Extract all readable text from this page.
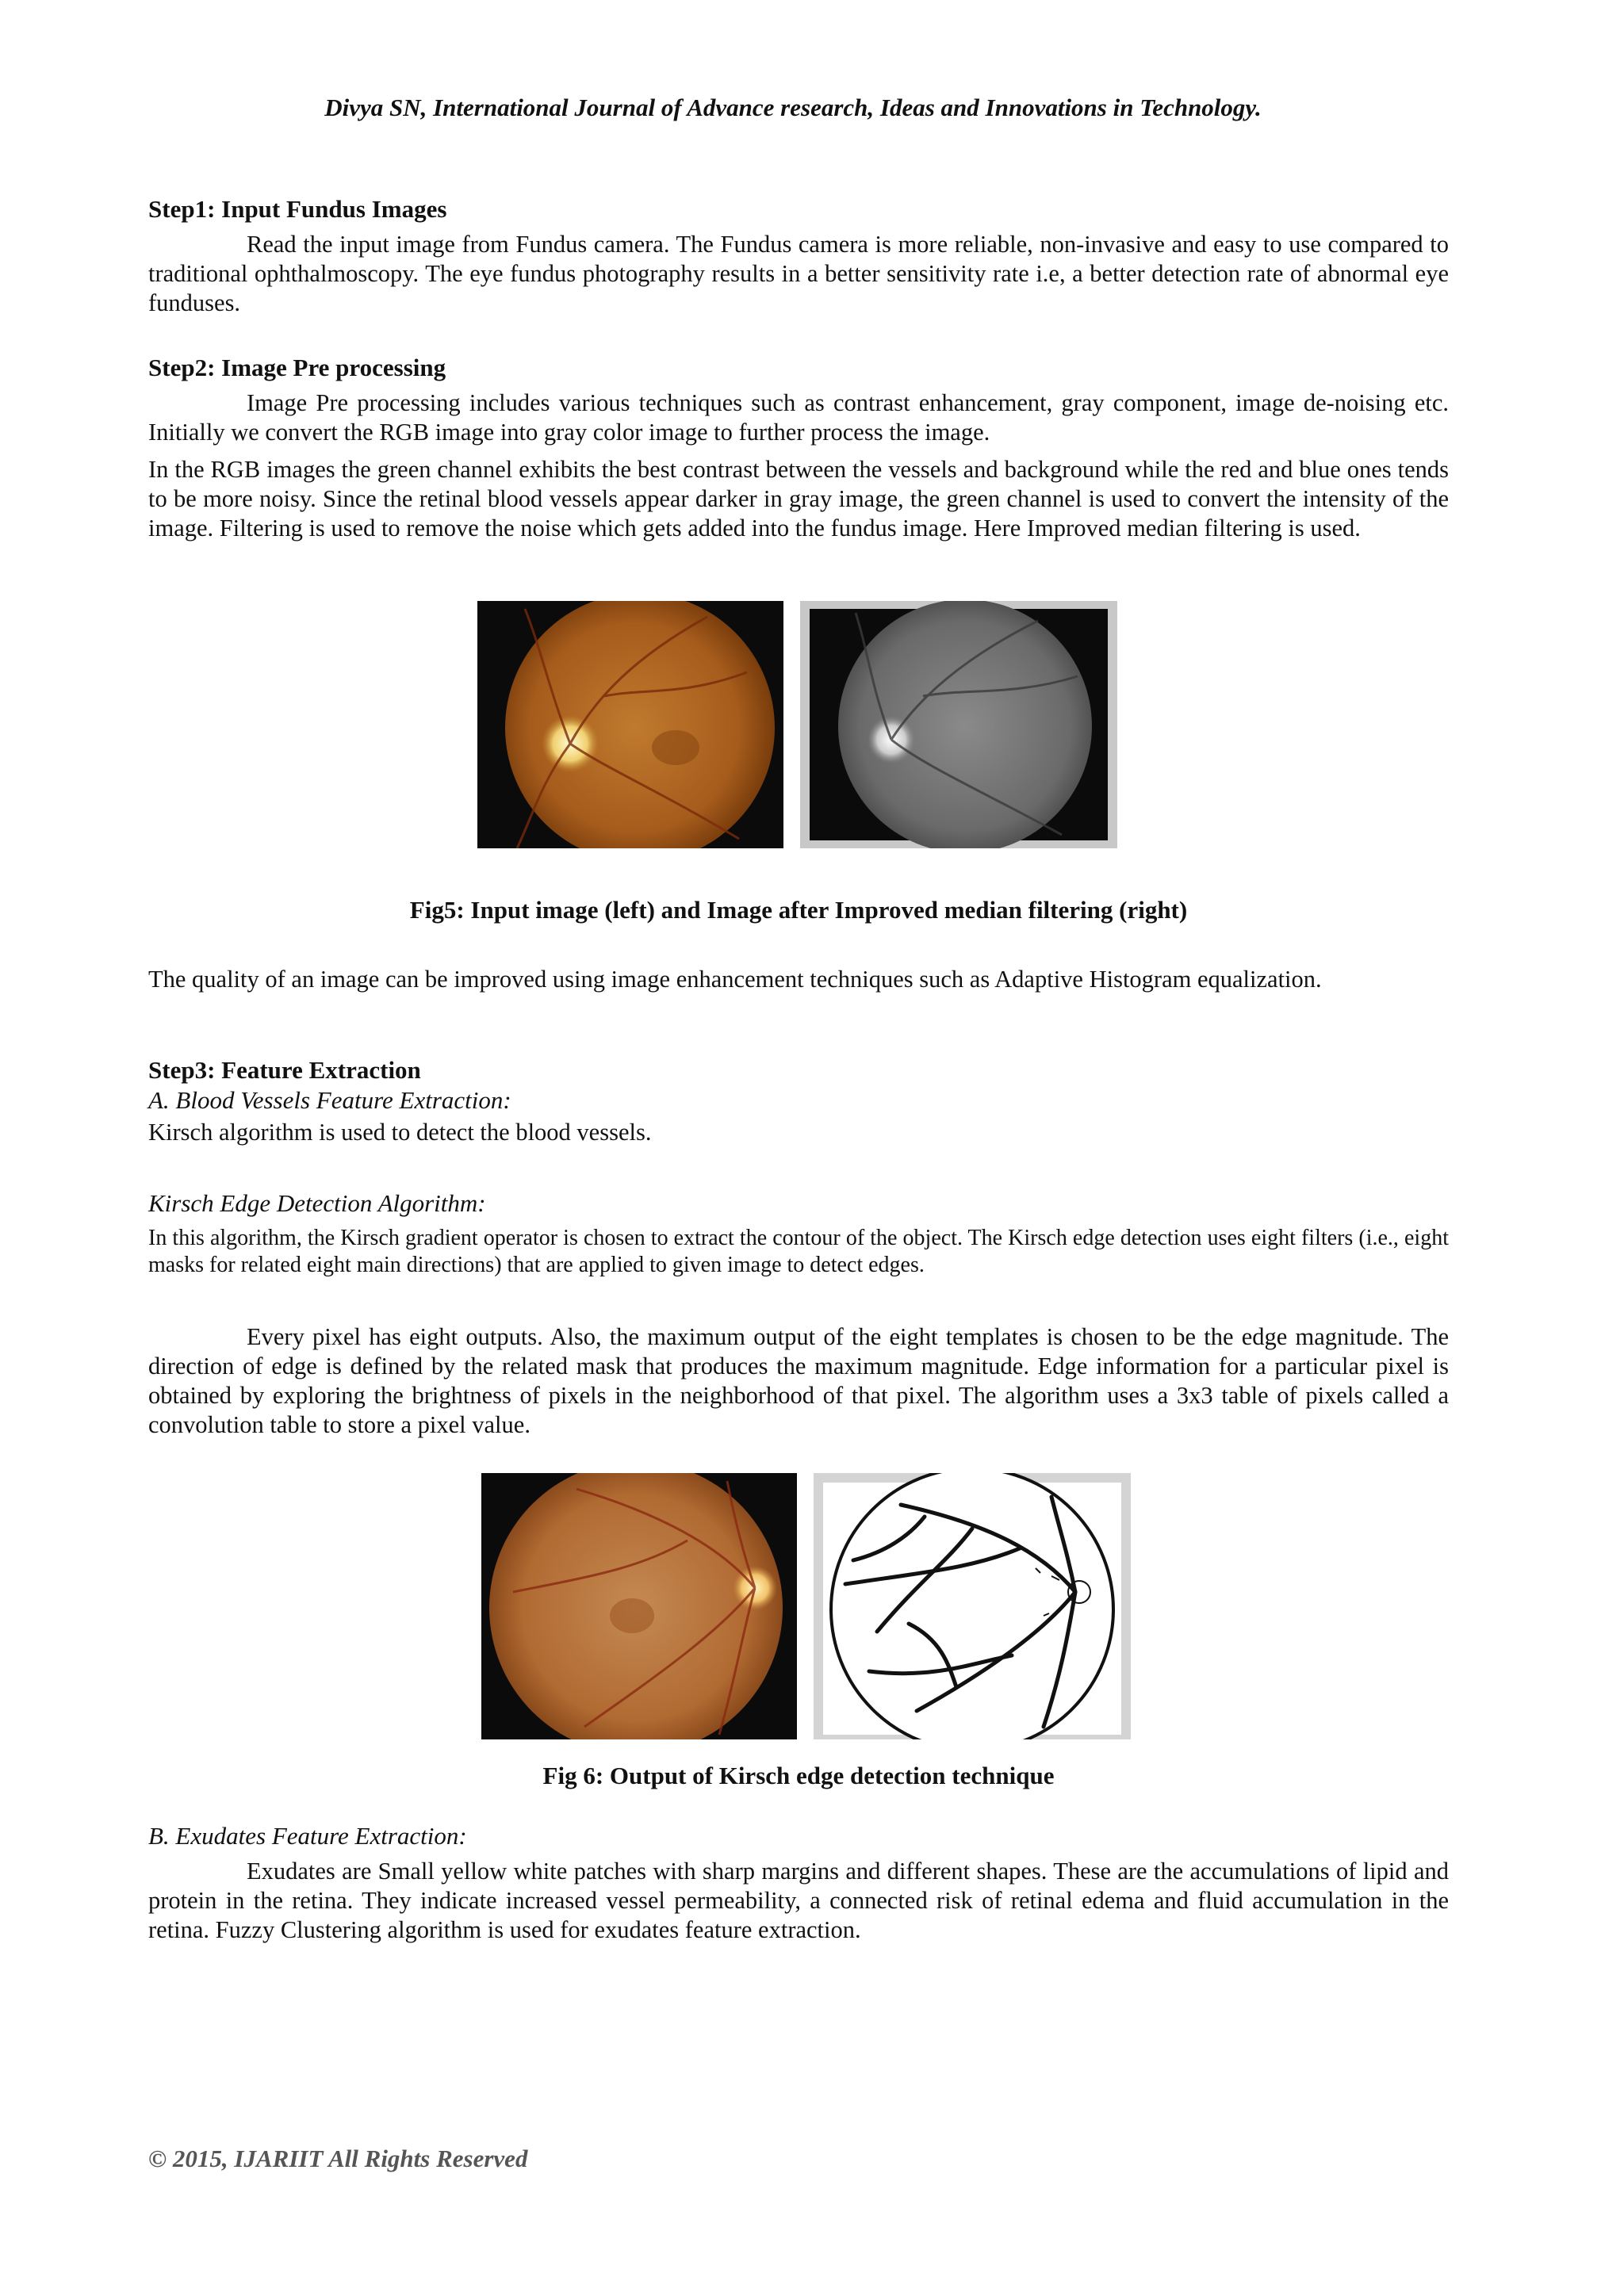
Divya SN, International Journal of Advance research, Ideas and Innovations in Technology.
Step1: Input Fundus Images
Read the input image from Fundus camera. The Fundus camera is more reliable, non-invasive and easy to use compared to traditional ophthalmoscopy. The eye fundus photography results in a better sensitivity rate i.e, a better detection rate of abnormal eye funduses.
Step2: Image Pre processing
Image Pre processing includes various techniques such as contrast enhancement, gray component, image de-noising etc. Initially we convert the RGB image into gray color image to further process the image.
In the RGB images the green channel exhibits the best contrast between the vessels and background while the red and blue ones tends to be more noisy. Since the retinal blood vessels appear darker in gray image, the green channel is used to convert the intensity of the image. Filtering is used to remove the noise which gets added into the fundus image. Here Improved median filtering is used.
Fig5: Input image (left) and Image after Improved median filtering (right)
The quality of an image can be improved using image enhancement techniques such as Adaptive Histogram equalization.
Step3: Feature Extraction
A. Blood Vessels Feature Extraction:
Kirsch algorithm is used to detect the blood vessels.
Kirsch Edge Detection Algorithm:
In this algorithm, the Kirsch gradient operator is chosen to extract the contour of the object. The Kirsch edge detection uses eight filters (i.e., eight masks for related eight main directions) that are applied to given image to detect edges.
Every pixel has eight outputs. Also, the maximum output of the eight templates is chosen to be the edge magnitude. The direction of edge is defined by the related mask that produces the maximum magnitude. Edge information for a particular pixel is obtained by exploring the brightness of pixels in the neighborhood of that pixel. The algorithm uses a 3x3 table of pixels called a convolution table to store a pixel value.
Fig 6: Output of Kirsch edge detection technique
B. Exudates Feature Extraction:
Exudates are Small yellow white patches with sharp margins and different shapes. These are the accumulations of lipid and protein in the retina. They indicate increased vessel permeability, a connected risk of retinal edema and fluid accumulation in the retina. Fuzzy Clustering algorithm is used for exudates feature extraction.
© 2015, IJARIIT All Rights Reserved
